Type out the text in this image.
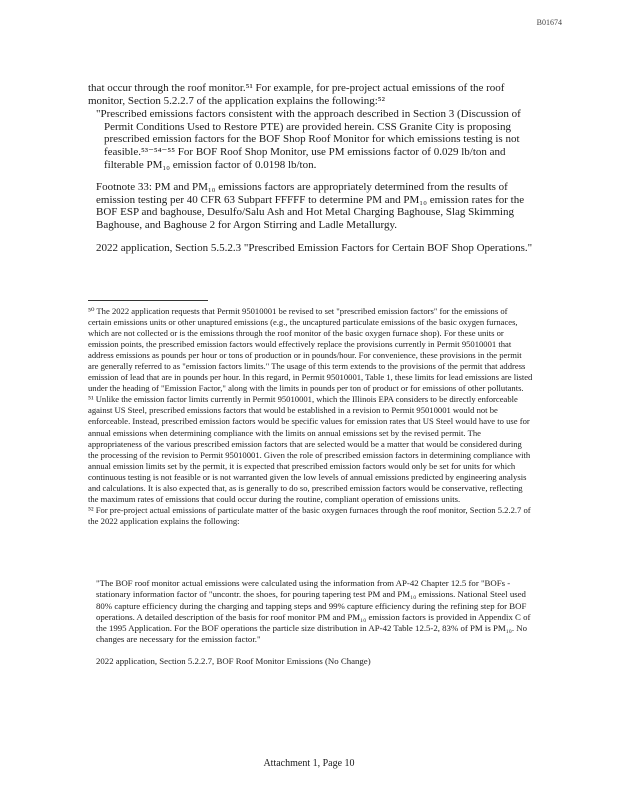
B01674

that occur through the roof monitor.⁵¹ For example, for pre-project actual emissions of the roof monitor, Section 5.2.2.7 of the application explains the following:⁵²

"Prescribed emissions factors consistent with the approach described in Section 3 (Discussion of Permit Conditions Used to Restore PTE) are provided herein. CSS Granite City is proposing prescribed emission factors for the BOF Shop Roof Monitor for which emissions testing is not feasible.⁵³⁻⁵⁴⁻⁵⁵ For BOF Roof Shop Monitor, use PM emissions factor of 0.029 lb/ton and filterable PM₁₀ emission factor of 0.0198 lb/ton.

Footnote 33: PM and PM₁₀ emissions factors are appropriately determined from the results of emission testing per 40 CFR 63 Subpart FFFFF to determine PM and PM₁₀ emission rates for the BOF ESP and baghouse, Desulfo/Salu Ash and Hot Metal Charging Baghouse, Slag Skimming Baghouse, and Baghouse 2 for Argon Stirring and Ladle Metallurgy.

2022 application, Section 5.5.2.3 "Prescribed Emission Factors for Certain BOF Shop Operations."

⁵⁰ The 2022 application requests that Permit 95010001 be revised to set "prescribed emission factors" for the emissions of certain emissions units or other unaptured emissions (e.g., the uncaptured particulate emissions of the basic oxygen furnaces, which are not collected or is the emissions through the roof monitor of the basic oxygen furnace shop). For these units or emission points, the prescribed emission factors would effectively replace the provisions currently in Permit 95010001 that address emissions as pounds per hour or tons of production or in pounds/hour. For convenience, these provisions in the permit are generally referred to as "emission factors limits." The usage of this term extends to the provisions of the permit that address emission of lead that are in pounds per hour. In this regard, in Permit 95010001, Table 1, these limits for lead emissions are listed under the heading of "Emission Factor," along with the limits in pounds per ton of product or for emissions of other pollutants.

⁵¹ Unlike the emission factor limits currently in Permit 95010001, which the Illinois EPA considers to be directly enforceable against US Steel, prescribed emissions factors that would be established in a revision to Permit 95010001 would not be enforceable. Instead, prescribed emission factors would be specific values for emission rates that US Steel would have to use for annual emissions when determining compliance with the limits on annual emissions set by the revised permit. The appropriateness of the various prescribed emission factors that are selected would be a matter that would be considered during the processing of the revision to Permit 95010001. Given the role of prescribed emission factors in determining compliance with annual emission limits set by the permit, it is expected that prescribed emission factors would only be set for units for which continuous testing is not feasible or is not warranted given the low levels of annual emissions predicted by engineering analysis and calculations. It is also expected that, as is generally to do so, prescribed emission factors would be conservative, reflecting the maximum rates of emissions that could occur during the routine, compliant operation of emissions units.

⁵² For pre-project actual emissions of particulate matter of the basic oxygen furnaces through the roof monitor, Section 5.2.2.7 of the 2022 application explains the following:

"The BOF roof monitor actual emissions were calculated using the information from AP-42 Chapter 12.5 for "BOFs - stationary information factor of "uncontr. the shoes, for pouring tapering test PM and PM₁₀ emissions. National Steel used 80% capture efficiency during the charging and tapping steps and 99% capture efficiency during the refining step for BOF operations. A detailed description of the basis for roof monitor PM and PM₁₀ emission factors is provided in Appendix C of the 1995 Application. For the BOF operations the particle size distribution in AP-42 Table 12.5-2, 83% of PM is PM₁₀. No changes are necessary for the emission factor."

2022 application, Section 5.2.2.7, BOF Roof Monitor Emissions (No Change)

Attachment 1, Page 10
